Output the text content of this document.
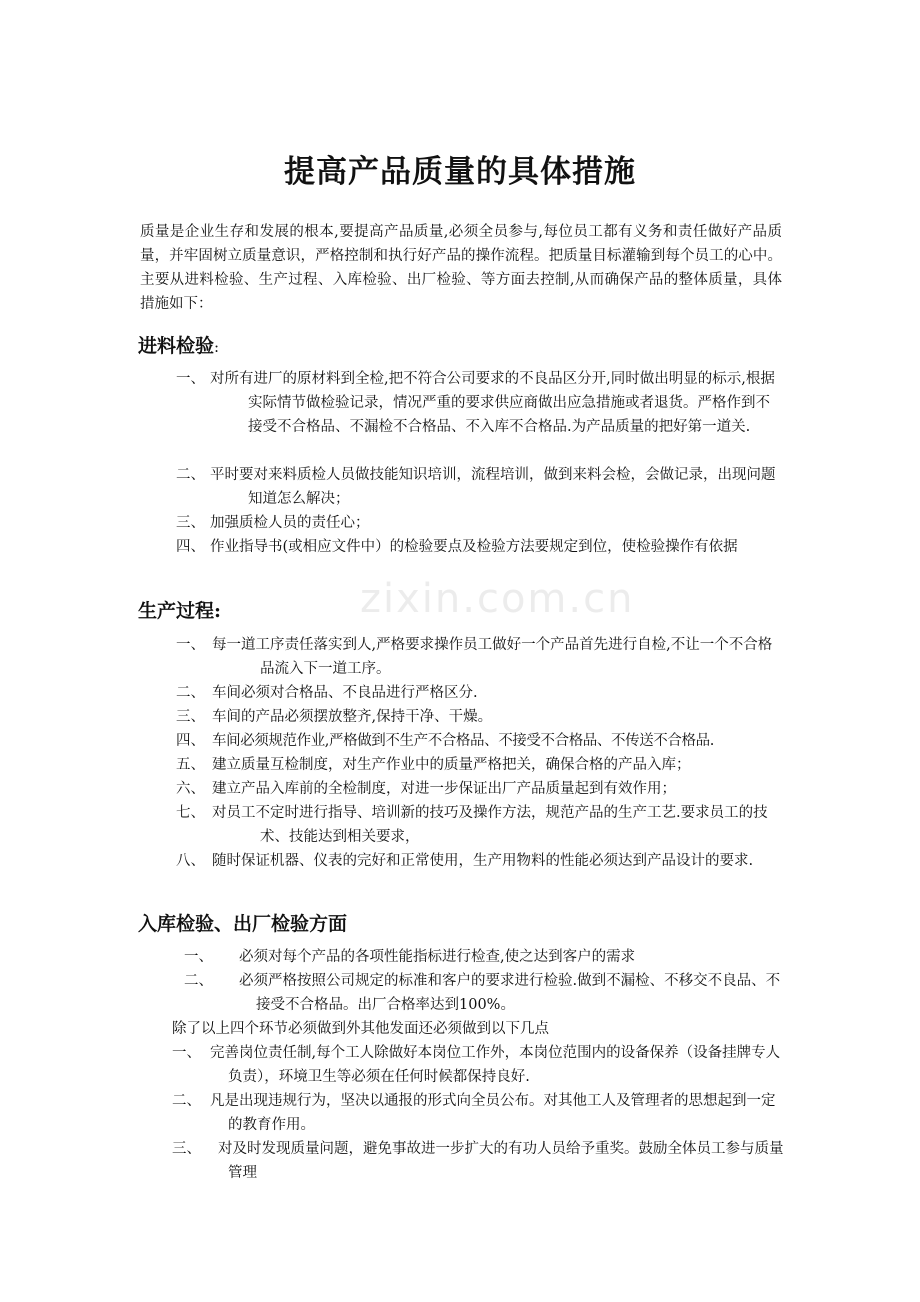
提高产品质量的具体措施
质量是企业生存和发展的根本,要提高产品质量,必须全员参与,每位员工都有义务和责任做好产品质量，并牢固树立质量意识，严格控制和执行好产品的操作流程。把质量目标灌输到每个员工的心中。主要从进料检验、生产过程、入库检验、出厂检验、等方面去控制,从而确保产品的整体质量，具体措施如下：
zixin.com.cn
进料检验:
一、 对所有进厂的原材料到全检,把不符合公司要求的不良品区分开,同时做出明显的标示,根据实际情节做检验记录，情况严重的要求供应商做出应急措施或者退货。严格作到不接受不合格品、不漏检不合格品、不入库不合格品.为产品质量的把好第一道关.
二、 平时要对来料质检人员做技能知识培训，流程培训，做到来料会检，会做记录，出现问题知道怎么解决；
三、 加强质检人员的责任心；
四、 作业指导书(或相应文件中）的检验要点及检验方法要规定到位，使检验操作有依据
生产过程:
一、 每一道工序责任落实到人,严格要求操作员工做好一个产品首先进行自检,不让一个不合格品流入下一道工序。
二、 车间必须对合格品、不良品进行严格区分.
三、 车间的产品必须摆放整齐,保持干净、干燥。
四、 车间必须规范作业,严格做到不生产不合格品、不接受不合格品、不传送不合格品.
五、 建立质量互检制度，对生产作业中的质量严格把关，确保合格的产品入库；
六、 建立产品入库前的全检制度，对进一步保证出厂产品质量起到有效作用；
七、 对员工不定时进行指导、培训新的技巧及操作方法，规范产品的生产工艺.要求员工的技术、技能达到相关要求，
八、 随时保证机器、仪表的完好和正常使用，生产用物料的性能必须达到产品设计的要求.
入库检验、出厂检验方面
一、	必须对每个产品的各项性能指标进行检查,使之达到客户的需求
二、	必须严格按照公司规定的标准和客户的要求进行检验.做到不漏检、不移交不良品、不接受不合格品。出厂合格率达到100%。
除了以上四个环节必须做到外其他发面还必须做到以下几点
一、 完善岗位责任制,每个工人除做好本岗位工作外，本岗位范围内的设备保养（设备挂牌专人负责），环境卫生等必须在任何时候都保持良好.
二、 凡是出现违规行为，坚决以通报的形式向全员公布。对其他工人及管理者的思想起到一定的教育作用。
三、	对及时发现质量问题，避免事故进一步扩大的有功人员给予重奖。鼓励全体员工参与质量管理
